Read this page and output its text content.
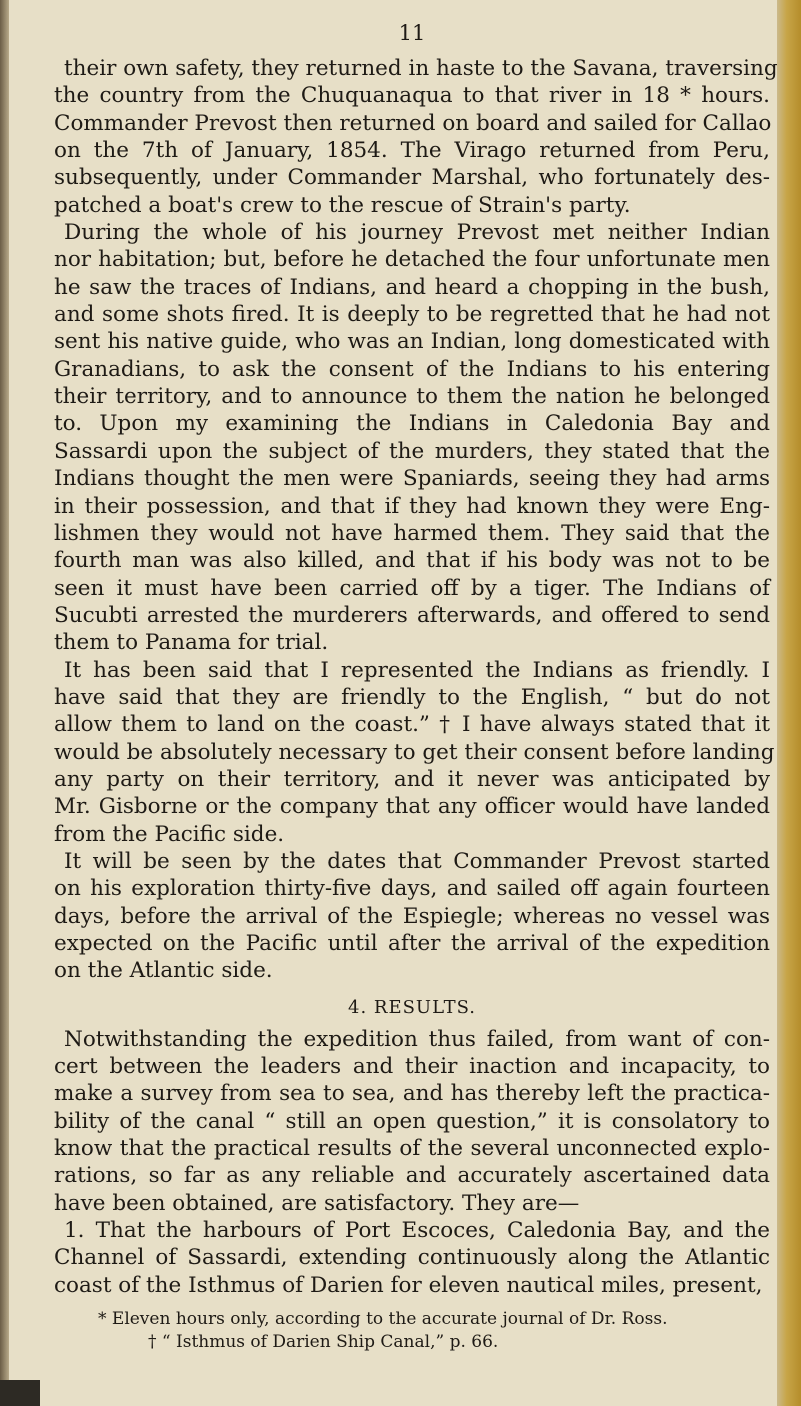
11
their own safety, they returned in haste to the Savana, traversing
the country from the Chuquanaqua to that river in 18 * hours.
Commander Prevost then returned on board and sailed for Callao
on the 7th of January, 1854. The Virago returned from Peru,
subsequently, under Commander Marshal, who fortunately des-
patched a boat's crew to the rescue of Strain's party.
During the whole of his journey Prevost met neither Indian
nor habitation; but, before he detached the four unfortunate men
he saw the traces of Indians, and heard a chopping in the bush,
and some shots fired. It is deeply to be regretted that he had not
sent his native guide, who was an Indian, long domesticated with
Granadians, to ask the consent of the Indians to his entering
their territory, and to announce to them the nation he belonged
to. Upon my examining the Indians in Caledonia Bay and
Sassardi upon the subject of the murders, they stated that the
Indians thought the men were Spaniards, seeing they had arms
in their possession, and that if they had known they were Eng-
lishmen they would not have harmed them. They said that the
fourth man was also killed, and that if his body was not to be
seen it must have been carried off by a tiger. The Indians of
Sucubti arrested the murderers afterwards, and offered to send
them to Panama for trial.
It has been said that I represented the Indians as friendly. I
have said that they are friendly to the English, “ but do not
allow them to land on the coast.” † I have always stated that it
would be absolutely necessary to get their consent before landing
any party on their territory, and it never was anticipated by
Mr. Gisborne or the company that any officer would have landed
from the Pacific side.
It will be seen by the dates that Commander Prevost started
on his exploration thirty-five days, and sailed off again fourteen
days, before the arrival of the Espiegle; whereas no vessel was
expected on the Pacific until after the arrival of the expedition
on the Atlantic side.
4. RESULTS.
Notwithstanding the expedition thus failed, from want of con-
cert between the leaders and their inaction and incapacity, to
make a survey from sea to sea, and has thereby left the practica-
bility of the canal “ still an open question,” it is consolatory to
know that the practical results of the several unconnected explo-
rations, so far as any reliable and accurately ascertained data
have been obtained, are satisfactory. They are—
1. That the harbours of Port Escoces, Caledonia Bay, and the
Channel of Sassardi, extending continuously along the Atlantic
coast of the Isthmus of Darien for eleven nautical miles, present,
* Eleven hours only, according to the accurate journal of Dr. Ross.
† “ Isthmus of Darien Ship Canal,” p. 66.
